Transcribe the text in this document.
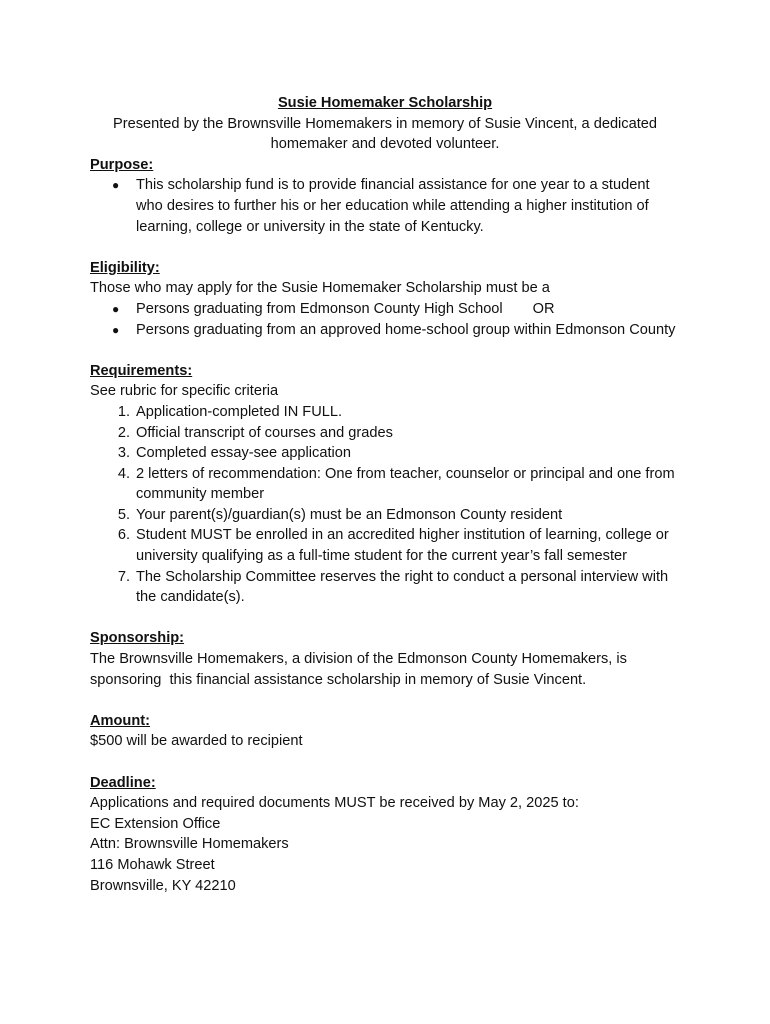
Susie Homemaker Scholarship
Presented by the Brownsville Homemakers in memory of Susie Vincent, a dedicated
homemaker and devoted volunteer.
Purpose:
● This scholarship fund is to provide financial assistance for one year to a student who desires to further his or her education while attending a higher institution of learning, college or university in the state of Kentucky.
Eligibility:
Those who may apply for the Susie Homemaker Scholarship must be a
● Persons graduating from Edmonson County High School OR
● Persons graduating from an approved home-school group within Edmonson County
Requirements:
See rubric for specific criteria
1. Application-completed IN FULL.
2. Official transcript of courses and grades
3. Completed essay-see application
4. 2 letters of recommendation: One from teacher, counselor or principal and one from community member
5. Your parent(s)/guardian(s) must be an Edmonson County resident
6. Student MUST be enrolled in an accredited higher institution of learning, college or university qualifying as a full-time student for the current year’s fall semester
7. The Scholarship Committee reserves the right to conduct a personal interview with the candidate(s).
Sponsorship:
The Brownsville Homemakers, a division of the Edmonson County Homemakers, is
sponsoring  this financial assistance scholarship in memory of Susie Vincent.
Amount:
$500 will be awarded to recipient
Deadline:
Applications and required documents MUST be received by May 2, 2025 to:
EC Extension Office
Attn: Brownsville Homemakers
116 Mohawk Street
Brownsville, KY 42210
